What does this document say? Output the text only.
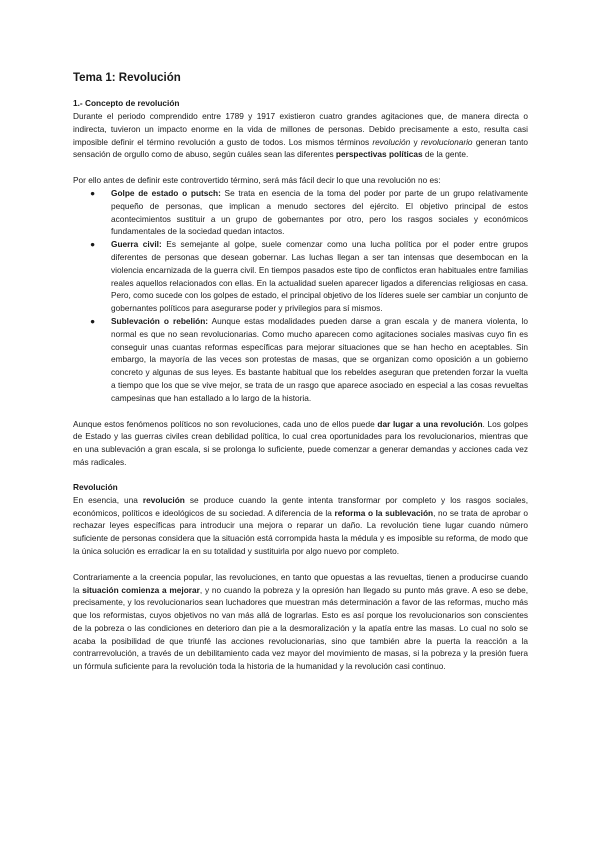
Tema 1: Revolución
1.- Concepto de revolución

Durante el periodo comprendido entre 1789 y 1917 existieron cuatro grandes agitaciones que, de manera directa o indirecta, tuvieron un impacto enorme en la vida de millones de personas. Debido precisamente a esto, resulta casi imposible definir el término revolución a gusto de todos. Los mismos términos revolución y revolucionario generan tanto sensación de orgullo como de abuso, según cuáles sean las diferentes perspectivas políticas de la gente.

Por ello antes de definir este controvertido término, será más fácil decir lo que una revolución no es:

● Golpe de estado o putsch: Se trata en esencia de la toma del poder por parte de un grupo relativamente pequeño de personas, que implican a menudo sectores del ejército. El objetivo principal de estos acontecimientos sustituir a un grupo de gobernantes por otro, pero los rasgos sociales y económicos fundamentales de la sociedad quedan intactos.
● Guerra civil: Es semejante al golpe, suele comenzar como una lucha política por el poder entre grupos diferentes de personas que desean gobernar. Las luchas llegan a ser tan intensas que desembocan en la violencia encarnizada de la guerra civil. En tiempos pasados este tipo de conflictos eran habituales entre familias reales aquellos relacionados con ellas. En la actualidad suelen aparecer ligados a diferencias religiosas en casa. Pero, como sucede con los golpes de estado, el principal objetivo de los líderes suele ser cambiar un conjunto de gobernantes políticos para asegurarse poder y privilegios para sí mismos.
● Sublevación o rebelión: Aunque estas modalidades pueden darse a gran escala y de manera violenta, lo normal es que no sean revolucionarias. Como mucho aparecen como agitaciones sociales masivas cuyo fin es conseguir unas cuantas reformas específicas para mejorar situaciones que se han hecho en aceptables. Sin embargo, la mayoría de las veces son protestas de masas, que se organizan como oposición a un gobierno concreto y algunas de sus leyes. Es bastante habitual que los rebeldes aseguran que pretenden forzar la vuelta a tiempo que los que se vive mejor, se trata de un rasgo que aparece asociado en especial a las cosas revueltas campesinas que han estallado a lo largo de la historia.

Aunque estos fenómenos políticos no son revoluciones, cada uno de ellos puede dar lugar a una revolución. Los golpes de Estado y las guerras civiles crean debilidad política, lo cual crea oportunidades para los revolucionarios, mientras que en una sublevación a gran escala, si se prolonga lo suficiente, puede comenzar a generar demandas y acciones cada vez más radicales.

Revolución

En esencia, una revolución se produce cuando la gente intenta transformar por completo y los rasgos sociales, económicos, políticos e ideológicos de su sociedad. A diferencia de la reforma o la sublevación, no se trata de aprobar o rechazar leyes específicas para introducir una mejora o reparar un daño. La revolución tiene lugar cuando número suficiente de personas considera que la situación está corrompida hasta la médula y es imposible su reforma, de modo que la única solución es erradicar la en su totalidad y sustituirla por algo nuevo por completo.

Contrariamente a la creencia popular, las revoluciones, en tanto que opuestas a las revueltas, tienen a producirse cuando la situación comienza a mejorar, y no cuando la pobreza y la opresión han llegado su punto más grave. A eso se debe, precisamente, y los revolucionarios sean luchadores que muestran más determinación a favor de las reformas, mucho más que los reformistas, cuyos objetivos no van más allá de lograrlas. Esto es así porque los revolucionarios son conscientes de la pobreza o las condiciones en deterioro dan pie a la desmoralización y la apatía entre las masas. Lo cual no solo se acaba la posibilidad de que triunfé las acciones revolucionarias, sino que también abre la puerta la reacción a la contrarrevolución, a través de un debilitamiento cada vez mayor del movimiento de masas, si la pobreza y la presión fuera un fórmula suficiente para la revolución toda la historia de la humanidad y la revolución casi continuo.
